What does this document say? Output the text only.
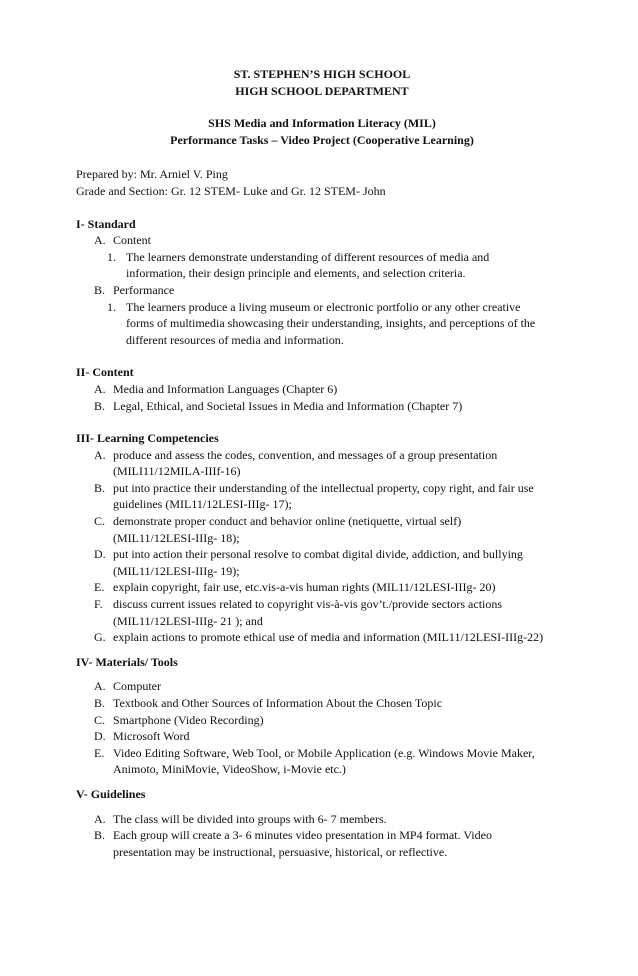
ST. STEPHEN’S HIGH SCHOOL
HIGH SCHOOL DEPARTMENT
SHS Media and Information Literacy (MIL)
Performance Tasks – Video Project (Cooperative Learning)
Prepared by: Mr. Arniel V. Ping
Grade and Section: Gr. 12 STEM- Luke and Gr. 12 STEM- John
I- Standard
A. Content
1. The learners demonstrate understanding of different resources of media and
information, their design principle and elements, and selection criteria.
B. Performance
1. The learners produce a living museum or electronic portfolio or any other creative
forms of multimedia showcasing their understanding, insights, and perceptions of the
different resources of media and information.
II- Content
A. Media and Information Languages (Chapter 6)
B. Legal, Ethical, and Societal Issues in Media and Information (Chapter 7)
III- Learning Competencies
A. produce and assess the codes, convention, and messages of a group presentation
(MILI11/12MILA-IIIf-16)
B. put into practice their understanding of the intellectual property, copy right, and fair use
guidelines (MIL11/12LESI-IIIg- 17);
C. demonstrate proper conduct and behavior online (netiquette, virtual self)
(MIL11/12LESI-IIIg- 18);
D. put into action their personal resolve to combat digital divide, addiction, and bullying
(MIL11/12LESI-IIIg- 19);
E. explain copyright, fair use, etc.vis-a-vis human rights (MIL11/12LESI-IIIg- 20)
F. discuss current issues related to copyright vis-à-vis gov’t./provide sectors actions
(MIL11/12LESI-IIIg- 21 ); and
G. explain actions to promote ethical use of media and information (MIL11/12LESI-IIIg-22)
IV- Materials/ Tools
A. Computer
B. Textbook and Other Sources of Information About the Chosen Topic
C. Smartphone (Video Recording)
D. Microsoft Word
E. Video Editing Software, Web Tool, or Mobile Application (e.g. Windows Movie Maker,
Animoto, MiniMovie, VideoShow, i-Movie etc.)
V- Guidelines
A. The class will be divided into groups with 6- 7 members.
B. Each group will create a 3- 6 minutes video presentation in MP4 format. Video
presentation may be instructional, persuasive, historical, or reflective.
